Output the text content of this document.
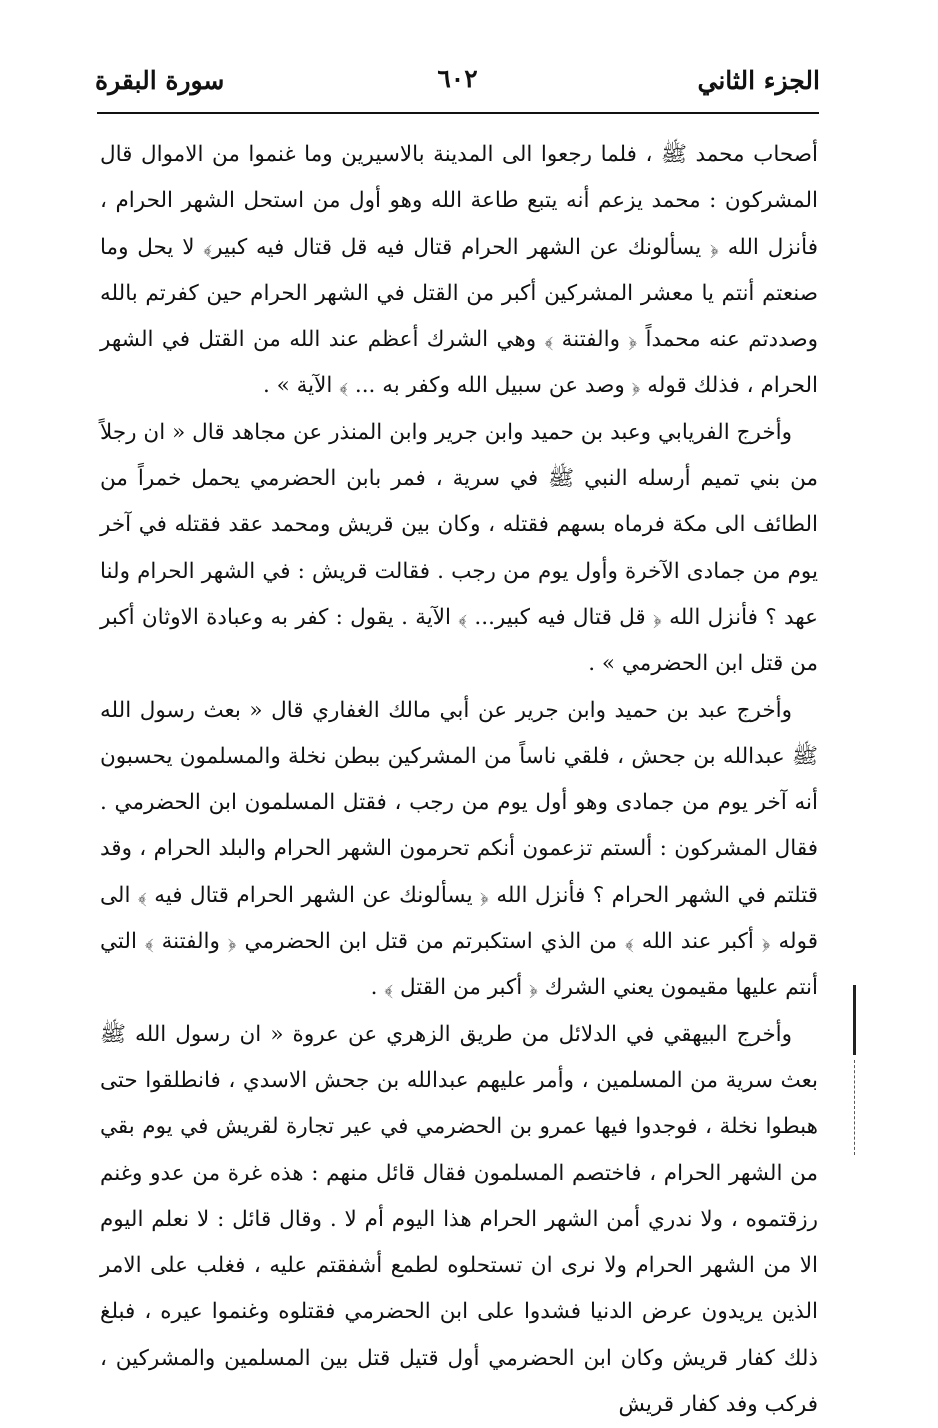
الجزء الثاني
٦٠٢
سورة البقرة

أصحاب محمد ﷺ ، فلما رجعوا الى المدينة بالاسيرين وما غنموا من الاموال قال المشركون : محمد يزعم أنه يتبع طاعة الله وهو أول من استحل الشهر الحرام ، فأنزل الله ﴿ يسألونك عن الشهر الحرام قتال فيه قل قتال فيه كبير﴾ لا يحل وما صنعتم أنتم يا معشر المشركين أكبر من القتل في الشهر الحرام حين كفرتم بالله وصددتم عنه محمداً ﴿ والفتنة ﴾ وهي الشرك أعظم عند الله من القتل في الشهر الحرام ، فذلك قوله ﴿ وصد عن سبيل الله وكفر به ... ﴾ الآية » .

وأخرج الفريابي وعبد بن حميد وابن جرير وابن المنذر عن مجاهد قال « ان رجلاً من بني تميم أرسله النبي ﷺ في سرية ، فمر بابن الحضرمي يحمل خمراً من الطائف الى مكة فرماه بسهم فقتله ، وكان بين قريش ومحمد عقد فقتله في آخر يوم من جمادى الآخرة وأول يوم من رجب . فقالت قريش : في الشهر الحرام ولنا عهد ؟ فأنزل الله ﴿ قل قتال فيه كبير... ﴾ الآية . يقول : كفر به وعبادة الاوثان أكبر من قتل ابن الحضرمي » .

وأخرج عبد بن حميد وابن جرير عن أبي مالك الغفاري قال « بعث رسول الله ﷺ عبدالله بن جحش ، فلقي ناساً من المشركين ببطن نخلة والمسلمون يحسبون أنه آخر يوم من جمادى وهو أول يوم من رجب ، فقتل المسلمون ابن الحضرمي . فقال المشركون : ألستم تزعمون أنكم تحرمون الشهر الحرام والبلد الحرام ، وقد قتلتم في الشهر الحرام ؟ فأنزل الله ﴿ يسألونك عن الشهر الحرام قتال فيه ﴾ الى قوله ﴿ أكبر عند الله ﴾ من الذي استكبرتم من قتل ابن الحضرمي ﴿ والفتنة ﴾ التي أنتم عليها مقيمون يعني الشرك ﴿ أكبر من القتل ﴾ .

وأخرج البيهقي في الدلائل من طريق الزهري عن عروة « ان رسول الله ﷺ بعث سرية من المسلمين ، وأمر عليهم عبدالله بن جحش الاسدي ، فانطلقوا حتى هبطوا نخلة ، فوجدوا فيها عمرو بن الحضرمي في عير تجارة لقريش في يوم بقي من الشهر الحرام ، فاختصم المسلمون فقال قائل منهم : هذه غرة من عدو وغنم رزقتموه ، ولا ندري أمن الشهر الحرام هذا اليوم أم لا . وقال قائل : لا نعلم اليوم الا من الشهر الحرام ولا نرى ان تستحلوه لطمع أشفقتم عليه ، فغلب على الامر الذين يريدون عرض الدنيا فشدوا على ابن الحضرمي فقتلوه وغنموا عيره ، فبلغ ذلك كفار قريش وكان ابن الحضرمي أول قتيل قتل بين المسلمين والمشركين ، فركب وفد كفار قريش
